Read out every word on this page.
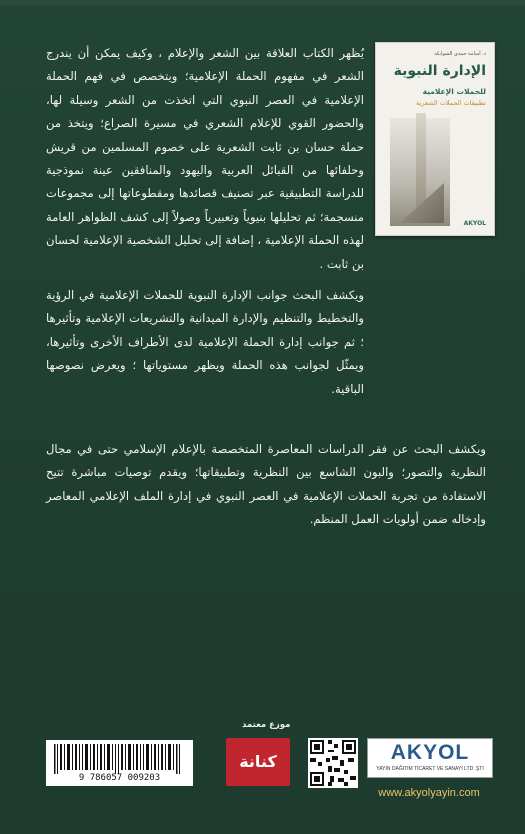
د. أسامة حمدي الشوابكة
الإدارة النبوية
للحملات الإعلامية
تطبيقات الحملات الشعرية
AKYOL

يُظهر الكتاب العلاقة بين الشعر والإعلام ، وكيف يمكن أن يندرج الشعر في مفهوم الحملة الإعلامية؛ ويتخصص في فهم الحملة الإعلامية في العصر النبوي التي اتخذت من الشعر وسيلة لها، والحضور القوي للإعلام الشعري في مسيرة الصراع؛ ويتخذ من حملة حسان بن ثابت الشعرية على خصوم المسلمين من قريش وحلفائها من القبائل العربية واليهود والمنافقين عينة نموذجية للدراسة التطبيقية عبر تصنيف قصائدها ومقطوعاتها إلى مجموعات منسجمة؛ ثم تحليلها بنيوياً وتعبيرياً وصولاً إلى كشف الظواهر العامة لهذه الحملة الإعلامية ، إضافة إلى تحليل الشخصية الإعلامية لحسان بن ثابت .

ويكشف البحث جوانب الإدارة النبوية للحملات الإعلامية في الرؤية والتخطيط والتنظيم والإدارة الميدانية والتشريعات الإعلامية وتأثيرها ؛ ثم جوانب إدارة الحملة الإعلامية لدى الأطراف الأخرى وتأثيرها، ويمثّل لجوانب هذه الحملة ويظهر مستوياتها ؛ ويعرض نصوصها الباقية.

ويكشف البحث عن فقر الدراسات المعاصرة المتخصصة بالإعلام الإسلامي حتى في مجال النظرية والتصور؛ والبون الشاسع بين النظرية وتطبيقاتها؛ ويقدم توصيات مباشرة تتيح الاستفادة من تجربة الحملات الإعلامية في العصر النبوي في إدارة الملف الإعلامي المعاصر وإدخاله ضمن أولويات العمل المنظم.

9 786057 009203
موزع معتمد
كنانة	AKYOL
YAYIN DAĞITIM TİCARET VE SANAYİ LTD. ŞTİ
www.akyolyayin.com
